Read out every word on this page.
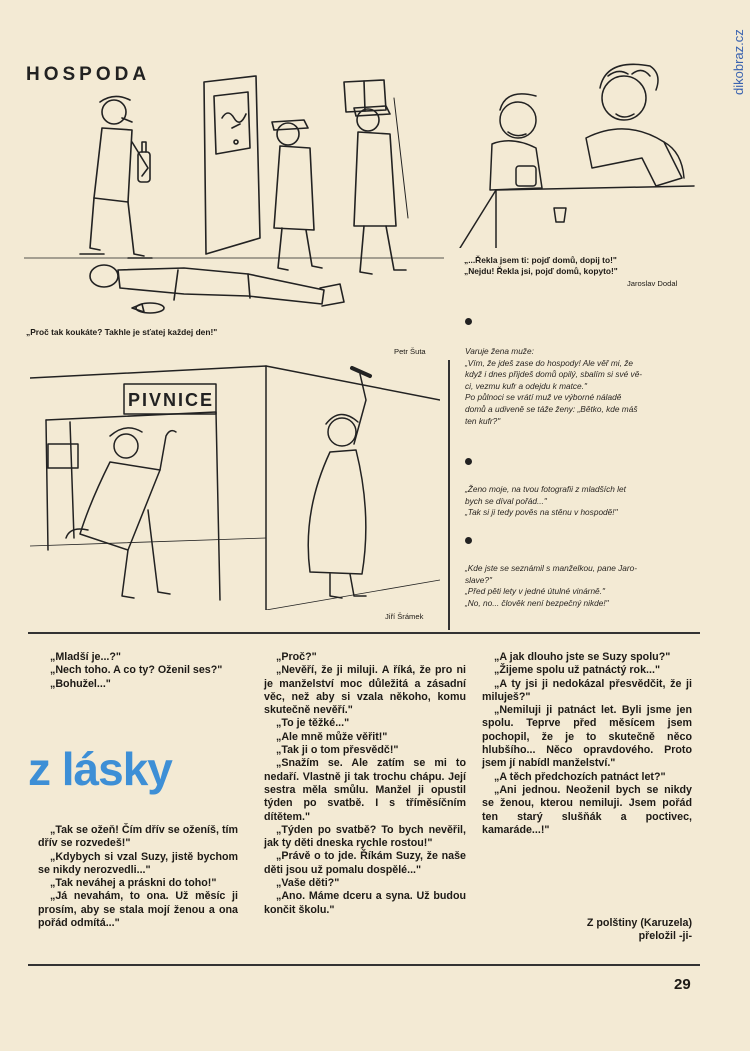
dikobraz.cz
HOSPODA
„Proč tak koukáte? Takhle je sťatej každej den!"
Petr Šuta
„...Řekla jsem ti: pojď domů, dopij to!"
„Nejdu! Řekla jsi, pojď domů, kopyto!"
Jaroslav Dodal
Varuje žena muže:
„Vím, že jdeš zase do hospody! Ale věř mi, že
když i dnes přijdeš domů opilý, sbalím si své vě-
ci, vezmu kufr a odejdu k matce."
Po půlnoci se vrátí muž ve výborné náladě
domů a udiveně se táže ženy: „Bětko, kde máš
ten kufr?"
„Ženo moje, na tvou fotografii z mladších let
bych se díval pořád..."
„Tak si ji tedy pověs na stěnu v hospodě!"
„Kde jste se seznámil s manželkou, pane Jaro-
slave?"
„Před pěti lety v jedné útulné vinárně."
„No, no... člověk není bezpečný nikde!"
PIVNICE
Jiří Šrámek

„Mladší je...?"

„Nech toho. A co ty? Oženil ses?"

„Bohužel..."

z lásky

„Tak se ožeň! Čím dřív se oženíš, tím dřív se rozvedeš!"

„Kdybych si vzal Suzy, jistě bychom se nikdy nerozvedli..."

„Tak neváhej a práskni do toho!"

„Já nevahám, to ona. Už měsíc ji prosím, aby se stala mojí ženou a ona pořád odmítá..."

„Proč?"

„Nevěří, že ji miluji. A říká, že pro ni je manželství moc důležitá a zásadní věc, než aby si vzala někoho, komu skutečně nevěří."

„To je těžké..."

„Ale mně může věřit!"

„Tak ji o tom přesvědč!"

„Snažím se. Ale zatím se mi to nedaří. Vlastně ji tak trochu chápu. Její sestra měla smůlu. Manžel ji opustil týden po svatbě. I s tříměsíčním dítětem."

„Týden po svatbě? To bych nevěřil, jak ty děti dneska rychle rostou!"

„Právě o to jde. Říkám Suzy, že naše děti jsou už pomalu dospělé..."

„Vaše děti?"

„Ano. Máme dceru a syna. Už budou končit školu."

„A jak dlouho jste se Suzy spolu?"

„Žijeme spolu už patnáctý rok..."

„A ty jsi ji nedokázal přesvědčit, že ji miluješ?"

„Nemiluji ji patnáct let. Byli jsme jen spolu. Teprve před měsícem jsem pochopil, že je to skutečně něco hlubšího... Něco opravdového. Proto jsem jí nabídl manželství."

„A těch předchozích patnáct let?"

„Ani jednou. Neoženil bych se nikdy se ženou, kterou nemiluji. Jsem pořád ten starý slušňák a poctivec, kamaráde...!"

Z polštiny (Karuzela)
přeložil -ji-
29
